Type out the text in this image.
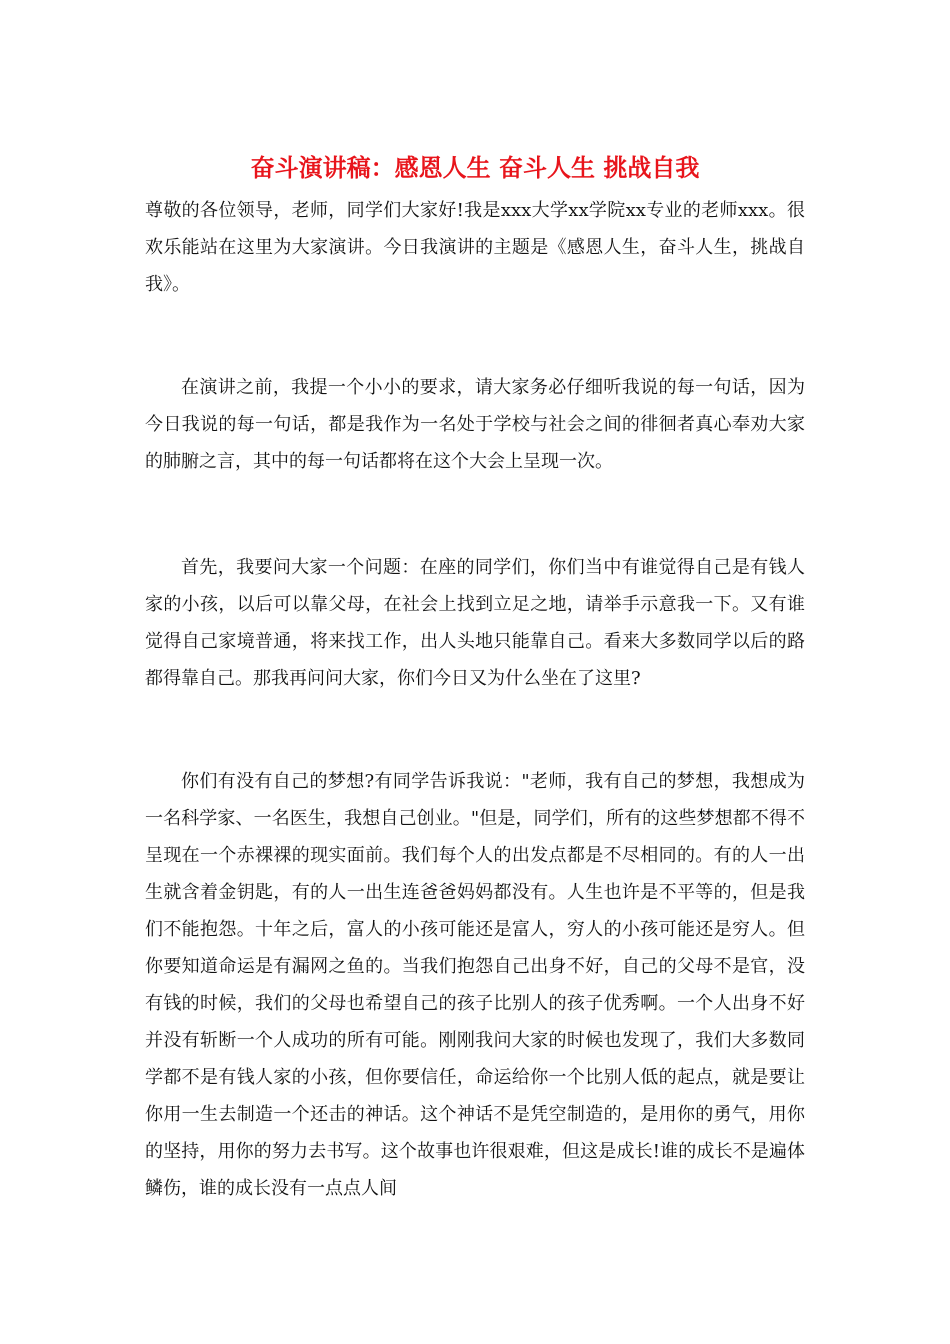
奋斗演讲稿：感恩人生 奋斗人生 挑战自我

尊敬的各位领导，老师，同学们大家好!我是xxx大学xx学院xx专业的老师xxx。很欢乐能站在这里为大家演讲。今日我演讲的主题是《感恩人生，奋斗人生，挑战自我》。

在演讲之前，我提一个小小的要求，请大家务必仔细听我说的每一句话，因为今日我说的每一句话，都是我作为一名处于学校与社会之间的徘徊者真心奉劝大家的肺腑之言，其中的每一句话都将在这个大会上呈现一次。

首先，我要问大家一个问题：在座的同学们，你们当中有谁觉得自己是有钱人家的小孩，以后可以靠父母，在社会上找到立足之地，请举手示意我一下。又有谁觉得自己家境普通，将来找工作，出人头地只能靠自己。看来大多数同学以后的路都得靠自己。那我再问问大家，你们今日又为什么坐在了这里?

你们有没有自己的梦想?有同学告诉我说："老师，我有自己的梦想，我想成为一名科学家、一名医生，我想自己创业。"但是，同学们，所有的这些梦想都不得不呈现在一个赤裸裸的现实面前。我们每个人的出发点都是不尽相同的。有的人一出生就含着金钥匙，有的人一出生连爸爸妈妈都没有。人生也许是不平等的，但是我们不能抱怨。十年之后，富人的小孩可能还是富人，穷人的小孩可能还是穷人。但你要知道命运是有漏网之鱼的。当我们抱怨自己出身不好，自己的父母不是官，没有钱的时候，我们的父母也希望自己的孩子比别人的孩子优秀啊。一个人出身不好并没有斩断一个人成功的所有可能。刚刚我问大家的时候也发现了，我们大多数同学都不是有钱人家的小孩，但你要信任，命运给你一个比别人低的起点，就是要让你用一生去制造一个还击的神话。这个神话不是凭空制造的，是用你的勇气，用你的坚持，用你的努力去书写。这个故事也许很艰难，但这是成长!谁的成长不是遍体鳞伤，谁的成长没有一点点人间
